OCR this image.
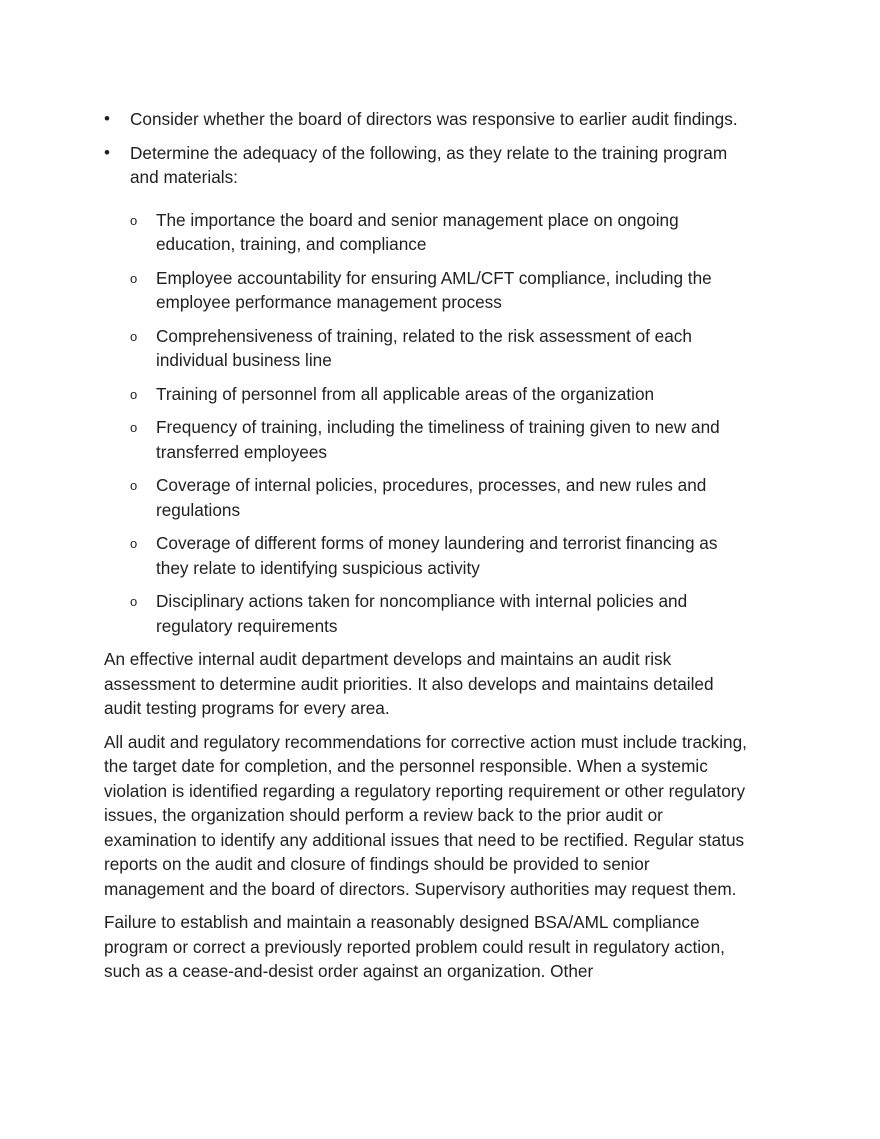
• Consider whether the board of directors was responsive to earlier audit findings.
• Determine the adequacy of the following, as they relate to the training program and materials:
o The importance the board and senior management place on ongoing education, training, and compliance
o Employee accountability for ensuring AML/CFT compliance, including the employee performance management process
o Comprehensiveness of training, related to the risk assessment of each individual business line
o Training of personnel from all applicable areas of the organization
o Frequency of training, including the timeliness of training given to new and transferred employees
o Coverage of internal policies, procedures, processes, and new rules and regulations
o Coverage of different forms of money laundering and terrorist financing as they relate to identifying suspicious activity
o Disciplinary actions taken for noncompliance with internal policies and regulatory requirements

An effective internal audit department develops and maintains an audit risk assessment to determine audit priorities. It also develops and maintains detailed audit testing programs for every area.

All audit and regulatory recommendations for corrective action must include tracking, the target date for completion, and the personnel responsible. When a systemic violation is identified regarding a regulatory reporting requirement or other regulatory issues, the organization should perform a review back to the prior audit or examination to identify any additional issues that need to be rectified. Regular status reports on the audit and closure of findings should be provided to senior management and the board of directors. Supervisory authorities may request them.

Failure to establish and maintain a reasonably designed BSA/AML compliance program or correct a previously reported problem could result in regulatory action, such as a cease-and-desist order against an organization. Other
